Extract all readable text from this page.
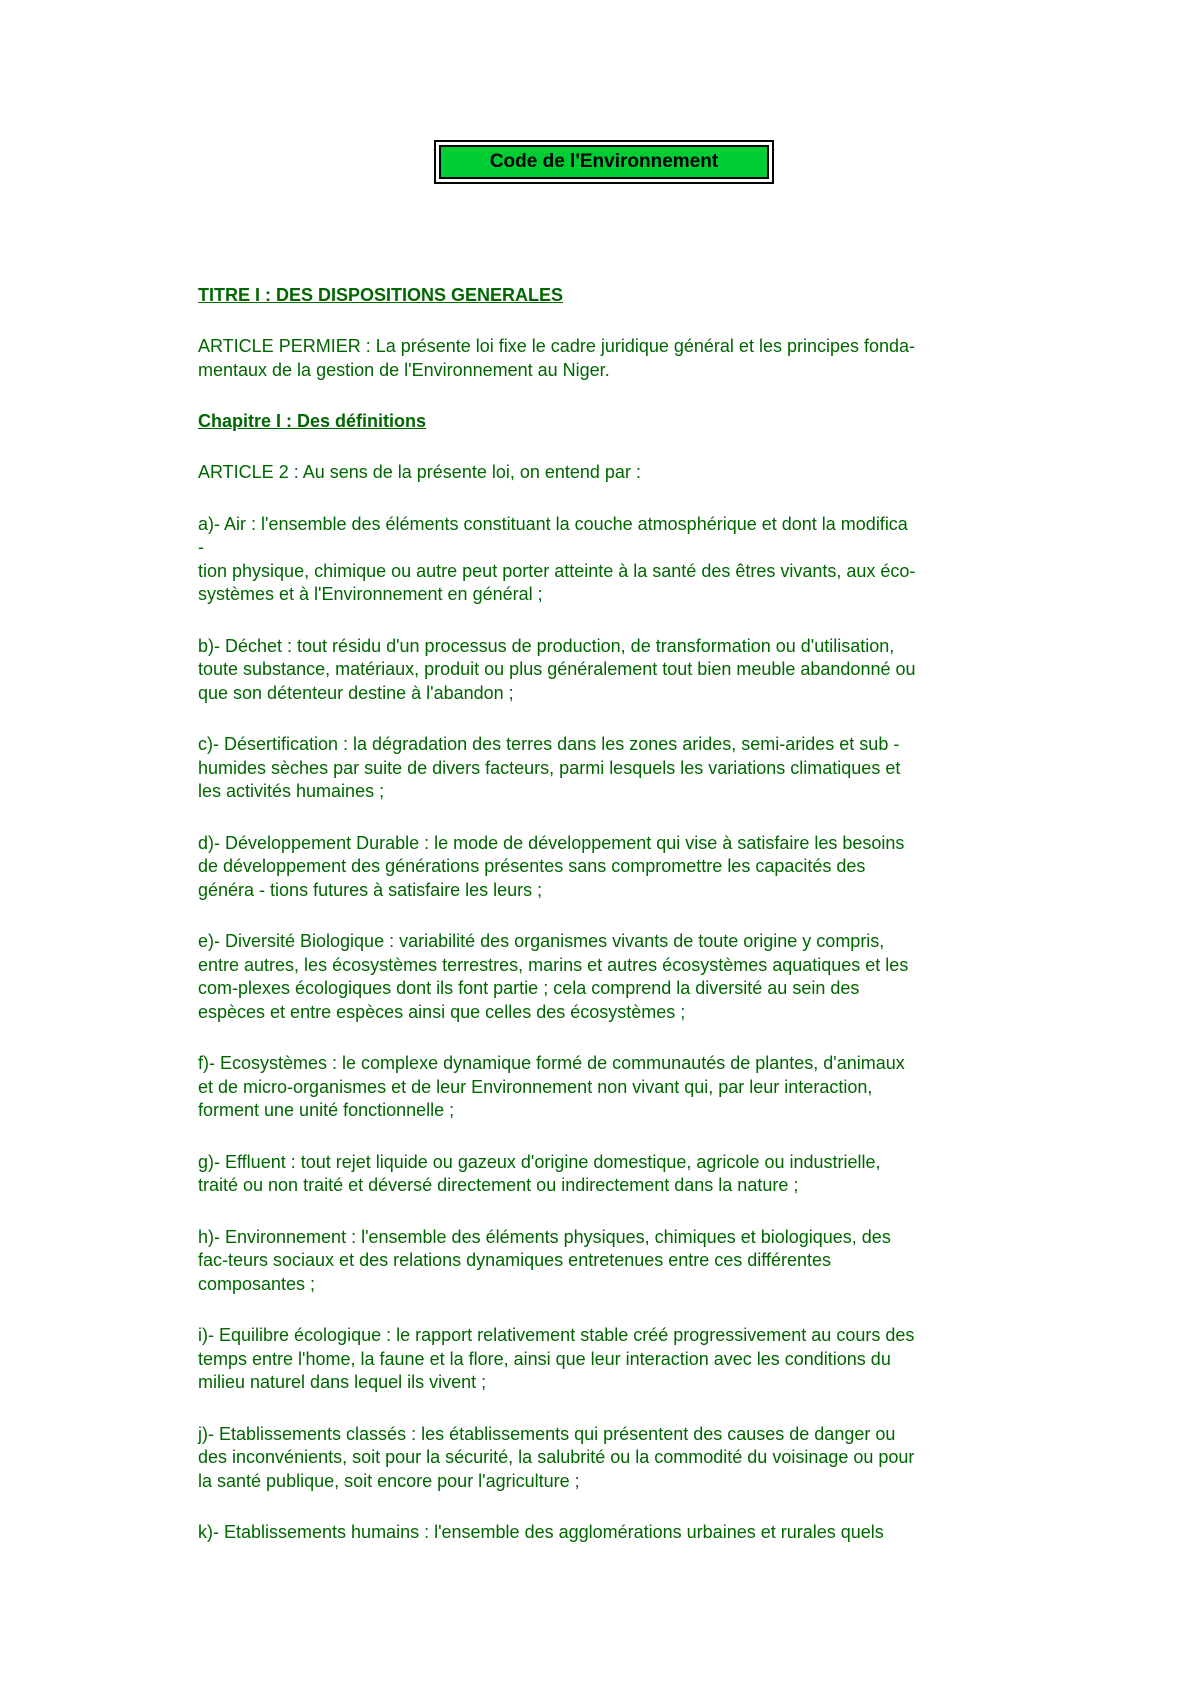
Code de l'Environnement
TITRE I : DES DISPOSITIONS GENERALES
ARTICLE PERMIER : La présente loi fixe le cadre juridique général et les principes fonda-
mentaux de la gestion de l'Environnement au Niger.
Chapitre I : Des définitions
ARTICLE 2 : Au sens de la présente loi, on entend par :
a)- Air : l'ensemble des éléments constituant la couche atmosphérique et dont la modifica
-
tion physique, chimique ou autre peut porter atteinte à la santé des êtres vivants, aux éco-
systèmes et à l'Environnement en général ;
b)- Déchet : tout résidu d'un processus de production, de transformation ou d'utilisation,
toute substance, matériaux, produit ou plus généralement tout bien meuble abandonné ou
que son détenteur destine à l'abandon ;
c)- Désertification : la dégradation des terres dans les zones arides, semi-arides et sub -
humides sèches par suite de divers facteurs, parmi lesquels les variations climatiques et
les activités humaines ;
d)- Développement Durable : le mode de développement qui vise à satisfaire les besoins
de développement des générations présentes sans compromettre les capacités des
généra - tions futures à satisfaire les leurs ;
e)- Diversité Biologique : variabilité des organismes vivants de toute origine y compris,
entre autres, les écosystèmes terrestres, marins et autres écosystèmes aquatiques et les
com-plexes écologiques dont ils font partie ; cela comprend la diversité au sein des
espèces et entre espèces ainsi que celles des écosystèmes ;
f)- Ecosystèmes : le complexe dynamique formé de communautés de plantes, d'animaux
et de micro-organismes et de leur Environnement non vivant qui, par leur interaction,
forment une unité fonctionnelle ;
g)- Effluent : tout rejet liquide ou gazeux d'origine domestique, agricole ou industrielle,
traité ou non traité et déversé directement ou indirectement dans la nature ;
h)- Environnement : l'ensemble des éléments physiques, chimiques et biologiques, des
fac-teurs sociaux et des relations dynamiques entretenues entre ces différentes
composantes ;
i)- Equilibre écologique : le rapport relativement stable créé progressivement au cours des
temps entre l'home, la faune et la flore, ainsi que leur interaction avec les conditions du
milieu naturel dans lequel ils vivent ;
j)- Etablissements classés : les établissements qui présentent des causes de danger ou
des inconvénients, soit pour la sécurité, la salubrité ou la commodité du voisinage ou pour
la santé publique, soit encore pour l'agriculture ;
k)- Etablissements humains : l'ensemble des agglomérations urbaines et rurales quels
